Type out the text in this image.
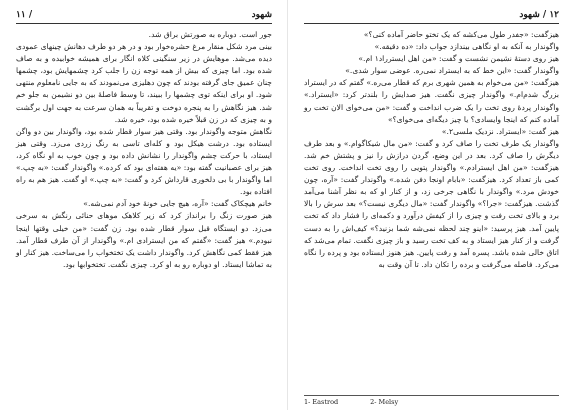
۱۲ / شهود

هیزگفت: «جفدر طول می‌کشه که یک تختو حاضر آماده کنی؟»

واگوندار به آنکه به او نگاهی بیندازد جواب داد: «ده دقیقه.»

هیز روی دستهٔ نشیمن نشست و گفت: «من اهل ایسترراد۱ ام.»

واگوندار گفت: «این خط که به ایستراد نمی‌ره. عوضی سوار شدی.»

هیزگفت: «من می‌خوام به همین شهری برم که قطار می‌ره.» گفتم که در ایستراد بزرگ شدم‌ام.» واگوندار چیزی نگفت. هیز صدایش را بلندتر کرد: «ایستراد.» واگوندار پردهٔ روی تخت را یک ضرب انداخت و گفت: «من می‌خوای الان تخت رو آماده کنم که اینجا وایسادی؟ یا چیز دیگه‌ای می‌خوای؟»

هیز گفت: «ایستراد. نزدیک ملسی۲.»

واگوندار یک طرف تخت را صاف کرد و گفت: «من مال شیکاگوام.» و بعد طرف دیگرش را صاف کرد. بعد در این وضع، گردن درازش را نیز و پشتش خم شد. هیزگفت: «من اهل ایسترادم.» واگوندار پتویی را روی تخت انداخت. روی تخت کمی باز تعداد کرد. هیزگفت: «بابام اونجا دفن شده.» واگوندار گفت: «آره، چون خودش مرد.» واگوندار با نگاهی جرخی زد، و از کنار او که به نظر آشنا می‌آمد گذشت. هیزگفت: «جرا؟» واگوندار گفت: «مال دیگری نیست؟» بعد سرش را بالا برد و بالای تخت رفت و چیزی را از کیفش درآورد و دکمه‌ای را فشار داد که تخت پایین آمد. هیز پرسید: «اینو چند لحظه نمی‌شه شما بزنید؟» کیف‌اش را به دست گرفت و از کنار هیز ایستاد و به کف تخت رسید و باز چیزی نگفت. تمام می‌شد که اتاق خالی شده باشد. پسره آمد و رفت پایین. هیز هنوز ایستاده بود و پرده را نگاه می‌کرد. فاصله می‌گرفت و برده را تکان داد. تا آن وقت به

1- Eastrod	2- Melsy
شهود
/ ۱۱

جور است. دوباره به صورتش براق شد.

بینی مرد شکل منقار مرغ حشره‌خوار بود و در هر دو طرف دهانش چینهای عمودی دیده می‌شد. موهایش در زیر سنگینی کلاه انگار برای همیشه خوابیده و به صاف شده بود. اما چیزی که بیش از همه توجه زن را جلب کرد چشمهایش بود، چشمها چنان عمیق جای گرفته بودند که چون دهلیزی می‌نمودند که به جایی نامعلوم منتهی شود. او برای اینکه توی چشمها را ببیند، تا وسط فاصلهٔ بین دو نشیمن به جلو خم شد. هیز نگاهش را به پنجره دوخت و تقریباً به همان سرعت به جهت اول برگشت و به چیزی که در زن قبلاً خیره شده بود، خیره شد.

نگاهش متوجه واگوندار بود. وقتی هیز سوار قطار شده بود، واگوندار بین دو واگن ایستاده بود. درشت هیکل بود و کله‌ای تاسی به رنگ زردی می‌زد. وقتی هیز ایستاد، با حرکت چشم واگوندار را نشانش داده بود و چون خوب به او نگاه کرد، هیز برای عصبانیت گفته بود: «یه هفته‌ای بود که کرده.» واگوندار گفت: «به چپ.» اما واگوندار با بی دلخوری قارداش کرد و گفت: «به چپ.» او گفت. هیز هم به راه افتاده بود.

خانم هیچکاک گفت: «آره، هیچ جایی خونهٔ خود آدم نمی‌شه.»

هیز صورت زنگ را برانداز کرد که زیر کلاهک موهای حنائی رنگش به سرخی می‌زد. دو ایستگاه قبل سوار قطار شده بود. زن گفت: «من خیلی وقتها اینجا نبودم.» هیز گفت: «گفتم که من ایسترادی ام.» واگوندار از آن طرف قطار آمد. هیز فقط کمی نگاهش کرد. واگوندار داشت یک تختخواب را می‌ساخت. هیز کنار او به تماشا ایستاد. او دوباره رو به او کرد. چیزی نگفت. تختخوابها بود.
